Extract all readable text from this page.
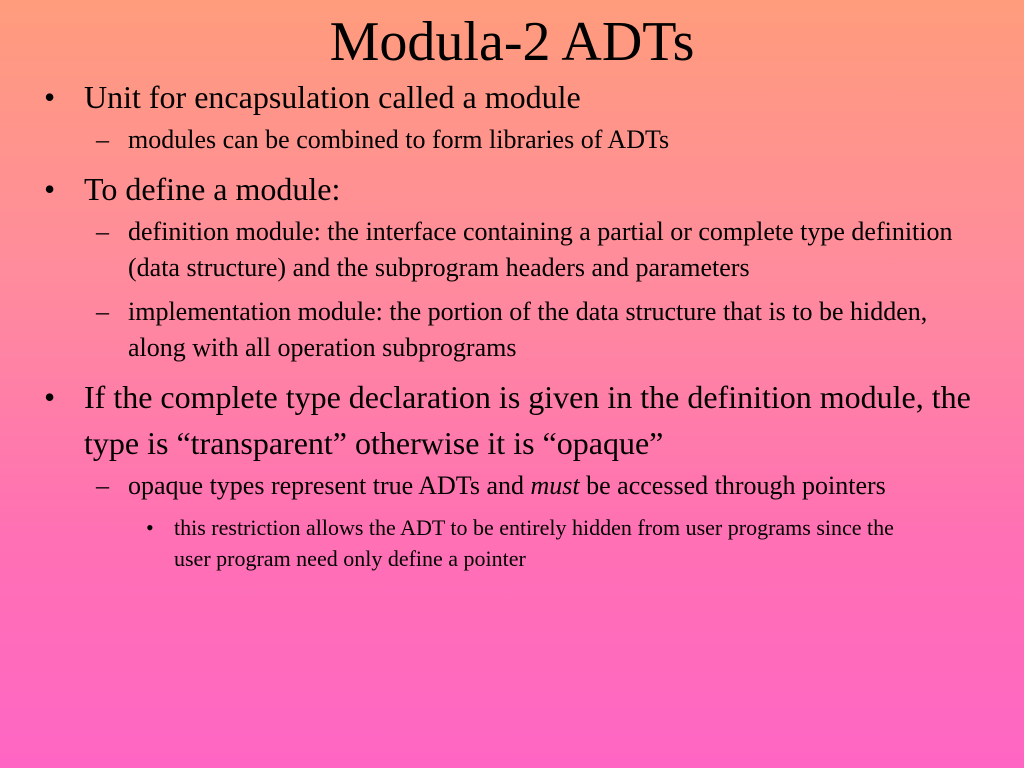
Modula-2 ADTs
• Unit for encapsulation called a module
– modules can be combined to form libraries of ADTs
• To define a module:
– definition module: the interface containing a partial or complete type definition (data structure) and the subprogram headers and parameters
– implementation module: the portion of the data structure that is to be hidden, along with all operation subprograms
• If the complete type declaration is given in the definition module, the type is “transparent” otherwise it is “opaque”
– opaque types represent true ADTs and must be accessed through pointers
• this restriction allows the ADT to be entirely hidden from user programs since the user program need only define a pointer
